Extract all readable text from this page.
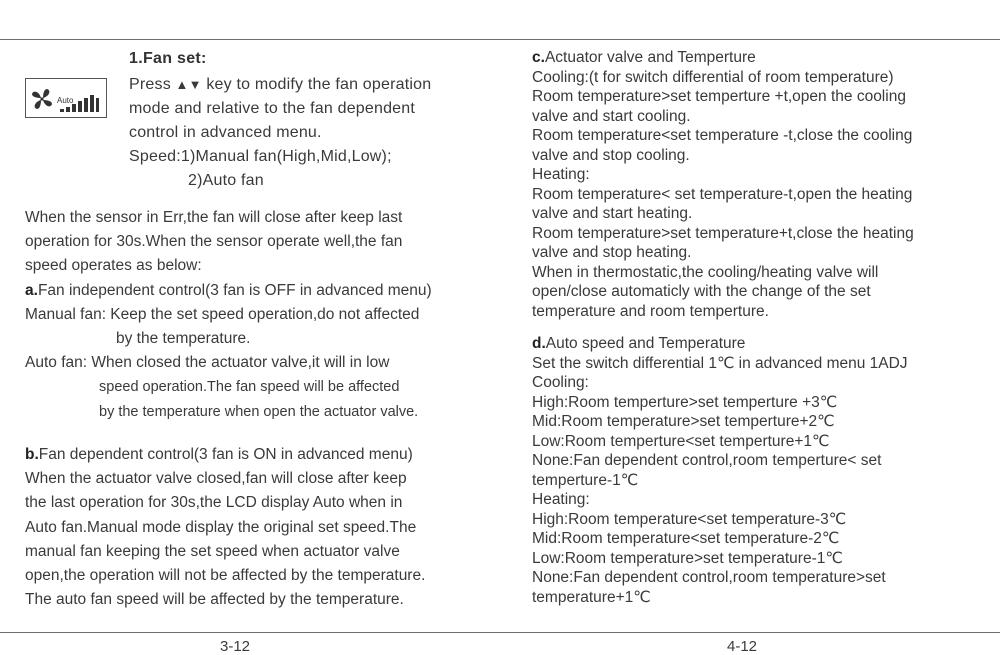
Auto
1.Fan set:
Press ▲▼ key to modify the fan operation
mode and relative to the fan dependent
control in advanced menu.
Speed:1)Manual fan(High,Mid,Low);
2)Auto fan
When the sensor in Err,the fan will close after keep last
operation for 30s.When the sensor operate well,the fan
speed operates as below:
a.Fan independent control(3 fan is OFF in advanced menu)
Manual fan: Keep the set speed operation,do not affected
by the temperature.
Auto fan: When closed the actuator valve,it will in low
speed operation.The fan speed will be affected
by the temperature when open the actuator valve.
b.Fan dependent control(3 fan is ON in advanced menu)
When the actuator valve closed,fan will close after keep
the last operation for 30s,the LCD display Auto when in
Auto fan.Manual mode display the original set speed.The
manual fan keeping the set speed when actuator valve
open,the operation will not be affected by the temperature.
The auto fan speed will be affected by the temperature.
c.Actuator valve and Temperture
Cooling:(t for switch differential of room temperature)
Room temperature>set temperture +t,open the cooling
valve and start cooling.
Room temperature<set temperature -t,close the cooling
valve and stop cooling.
Heating:
Room temperature< set temperature-t,open the heating
valve and start heating.
Room temperature>set temperature+t,close the heating
valve and stop heating.
When in thermostatic,the cooling/heating valve will
open/close automaticly with the change of the set
temperature and room temperture.
d.Auto speed and Temperature
Set the switch differential 1℃ in advanced menu 1ADJ
Cooling:
High:Room temperture>set temperture +3℃
Mid:Room temperature>set temperture+2℃
Low:Room temperture<set temperture+1℃
None:Fan dependent control,room temperture< set
temperture-1℃
Heating:
High:Room temperature<set temperature-3℃
Mid:Room temperature<set temperature-2℃
Low:Room temperature>set temperature-1℃
None:Fan dependent control,room temperature>set
temperature+1℃
3-12	4-12
